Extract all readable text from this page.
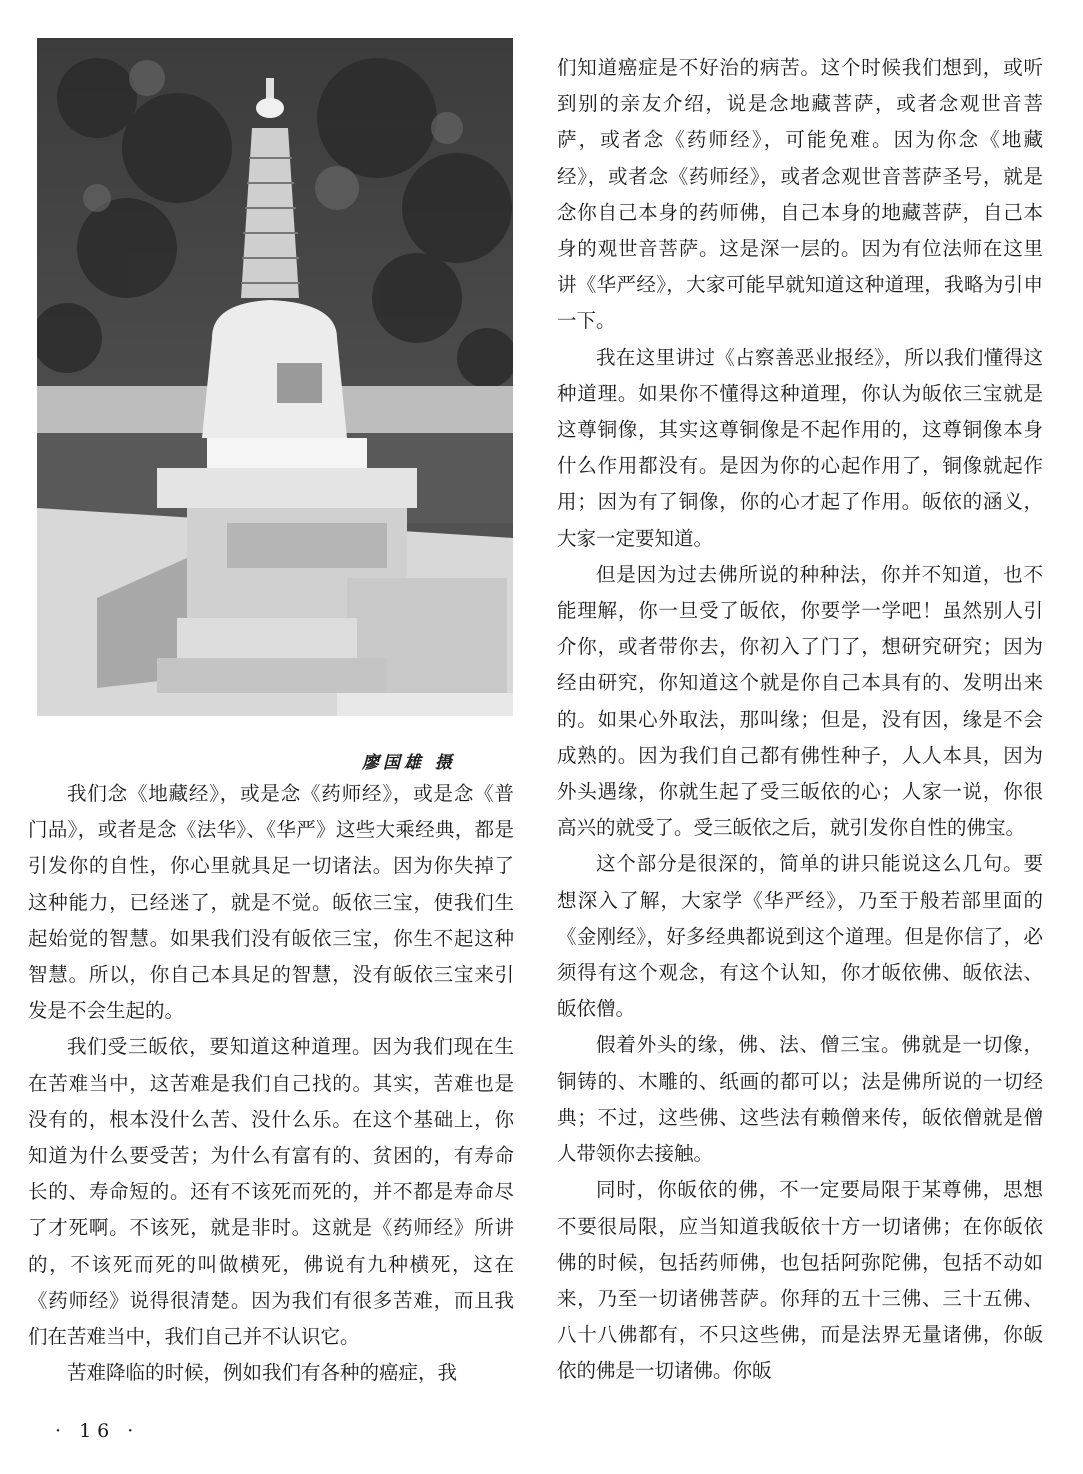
廖国雄 摄

我们念《地藏经》，或是念《药师经》，或是念《普门品》，或者是念《法华》、《华严》这些大乘经典，都是引发你的自性，你心里就具足一切诸法。因为你失掉了这种能力，已经迷了，就是不觉。皈依三宝，使我们生起始觉的智慧。如果我们没有皈依三宝，你生不起这种智慧。所以，你自己本具足的智慧，没有皈依三宝来引发是不会生起的。

我们受三皈依，要知道这种道理。因为我们现在生在苦难当中，这苦难是我们自己找的。其实，苦难也是没有的，根本没什么苦、没什么乐。在这个基础上，你知道为什么要受苦；为什么有富有的、贫困的，有寿命长的、寿命短的。还有不该死而死的，并不都是寿命尽了才死啊。不该死，就是非时。这就是《药师经》所讲的，不该死而死的叫做横死，佛说有九种横死，这在《药师经》说得很清楚。因为我们有很多苦难，而且我们在苦难当中，我们自己并不认识它。

苦难降临的时候，例如我们有各种的癌症，我

们知道癌症是不好治的病苦。这个时候我们想到，或听到别的亲友介绍，说是念地藏菩萨，或者念观世音菩萨，或者念《药师经》，可能免难。因为你念《地藏经》，或者念《药师经》，或者念观世音菩萨圣号，就是念你自己本身的药师佛，自己本身的地藏菩萨，自己本身的观世音菩萨。这是深一层的。因为有位法师在这里讲《华严经》，大家可能早就知道这种道理，我略为引申一下。

我在这里讲过《占察善恶业报经》，所以我们懂得这种道理。如果你不懂得这种道理，你认为皈依三宝就是这尊铜像，其实这尊铜像是不起作用的，这尊铜像本身什么作用都没有。是因为你的心起作用了，铜像就起作用；因为有了铜像，你的心才起了作用。皈依的涵义，大家一定要知道。

但是因为过去佛所说的种种法，你并不知道，也不能理解，你一旦受了皈依，你要学一学吧！虽然别人引介你，或者带你去，你初入了门了，想研究研究；因为经由研究，你知道这个就是你自己本具有的、发明出来的。如果心外取法，那叫缘；但是，没有因，缘是不会成熟的。因为我们自己都有佛性种子，人人本具，因为外头遇缘，你就生起了受三皈依的心；人家一说，你很高兴的就受了。受三皈依之后，就引发你自性的佛宝。

这个部分是很深的，简单的讲只能说这么几句。要想深入了解，大家学《华严经》，乃至于般若部里面的《金刚经》，好多经典都说到这个道理。但是你信了，必须得有这个观念，有这个认知，你才皈依佛、皈依法、皈依僧。

假着外头的缘，佛、法、僧三宝。佛就是一切像，铜铸的、木雕的、纸画的都可以；法是佛所说的一切经典；不过，这些佛、这些法有赖僧来传，皈依僧就是僧人带领你去接触。

同时，你皈依的佛，不一定要局限于某尊佛，思想不要很局限，应当知道我皈依十方一切诸佛；在你皈依佛的时候，包括药师佛，也包括阿弥陀佛，包括不动如来，乃至一切诸佛菩萨。你拜的五十三佛、三十五佛、八十八佛都有，不只这些佛，而是法界无量诸佛，你皈依的佛是一切诸佛。你皈

· 16 ·
